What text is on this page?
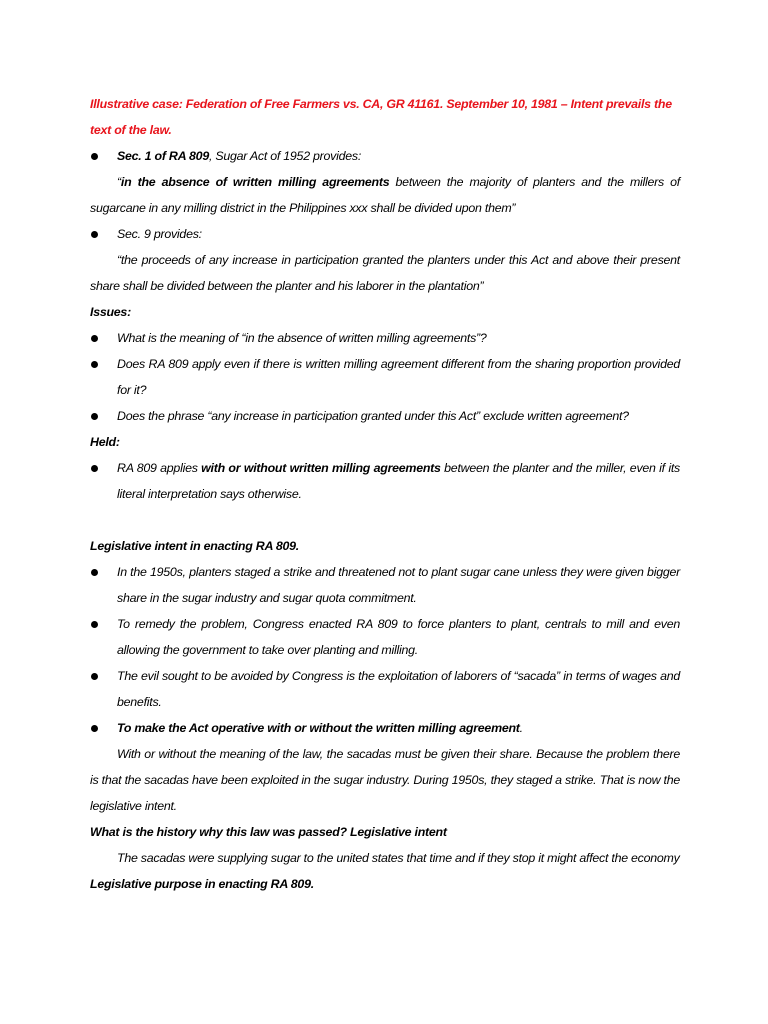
Illustrative case: Federation of Free Farmers vs. CA, GR 41161. September 10, 1981 – Intent prevails the

text of the law.

Sec. 1 of RA 809, Sugar Act of 1952 provides:

“in the absence of written milling agreements between the majority of planters and the millers of sugarcane in any milling district in the Philippines xxx shall be divided upon them”

Sec. 9 provides:

“the proceeds of any increase in participation granted the planters under this Act and above their present share shall be divided between the planter and his laborer in the plantation”

Issues:

What is the meaning of “in the absence of written milling agreements”?

Does RA 809 apply even if there is written milling agreement different from the sharing proportion provided for it?

Does the phrase “any increase in participation granted under this Act” exclude written agreement?

Held:

RA 809 applies with or without written milling agreements between the planter and the miller, even if its literal interpretation says otherwise.

Legislative intent in enacting RA 809.

In the 1950s, planters staged a strike and threatened not to plant sugar cane unless they were given bigger share in the sugar industry and sugar quota commitment.

To remedy the problem, Congress enacted RA 809 to force planters to plant, centrals to mill and even allowing the government to take over planting and milling.

The evil sought to be avoided by Congress is the exploitation of laborers of “sacada” in terms of wages and benefits.

To make the Act operative with or without the written milling agreement.

With or without the meaning of the law, the sacadas must be given their share. Because the problem there is that the sacadas have been exploited in the sugar industry. During 1950s, they staged a strike. That is now the legislative intent.

What is the history why this law was passed? Legislative intent

The sacadas were supplying sugar to the united states that time and if they stop it might affect the economy

Legislative purpose in enacting RA 809.
